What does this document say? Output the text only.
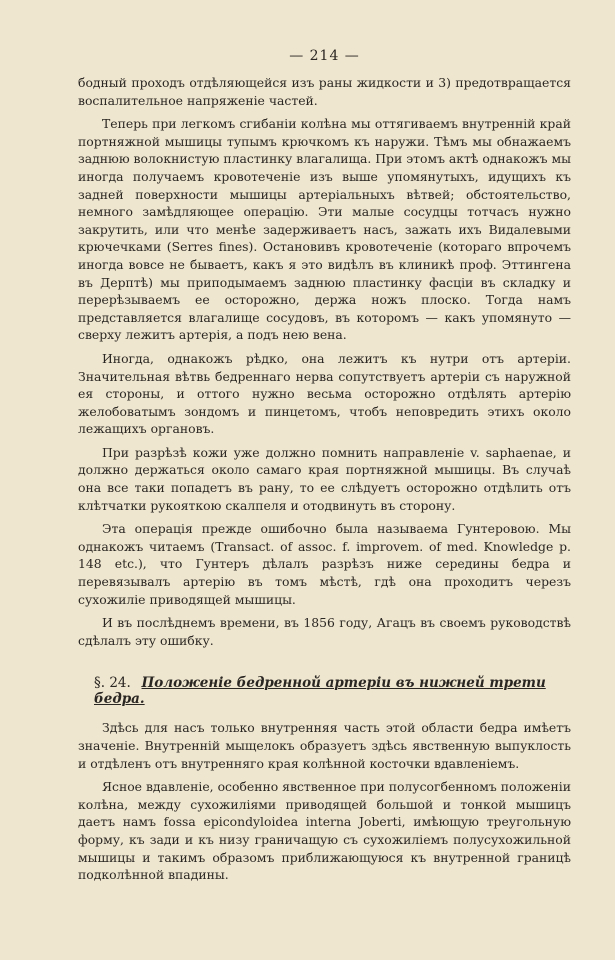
— 214 —

бодный проходъ отдѣляющейся изъ раны жидкости и 3) предотвращается воспалительное напряженіе частей.

Теперь при легкомъ сгибаніи колѣна мы оттягиваемъ внутренній край портняжной мышицы тупымъ крючкомъ къ наружи. Тѣмъ мы обнажаемъ заднюю волокнистую пластинку влагалища. При этомъ актѣ однакожъ мы иногда получаемъ кровотеченіе изъ выше упомянутыхъ, идущихъ къ задней поверхности мышицы артеріальныхъ вѣтвей; обстоятельство, немного замѣдляющее операцію. Эти малые сосудцы тотчасъ нужно закрутить, или что менѣе задерживаетъ насъ, зажать ихъ Видалевыми крючечками (Serres fines). Остановивъ кровотеченіе (котораго впрочемъ иногда вовсе не бываетъ, какъ я это видѣлъ въ клиникѣ проф. Эттингена въ Дерптѣ) мы приподымаемъ заднюю пластинку фасціи въ складку и перерѣзываемъ ее осторожно, держа ножъ плоско. Тогда намъ представляется влагалище сосудовъ, въ которомъ — какъ упомянуто — сверху лежитъ артерія, а подъ нею вена.

Иногда, однакожъ рѣдко, она лежитъ къ нутри отъ артеріи. Значительная вѣтвь бедреннаго нерва сопутствуетъ артеріи съ наружной ея стороны, и оттого нужно весьма осторожно отдѣлять артерію желобоватымъ зондомъ и пинцетомъ, чтобъ неповредить этихъ около лежащихъ органовъ.

При разрѣзѣ кожи уже должно помнить направленіе v. saphaenae, и должно держаться около самаго края портняжной мышицы. Въ случаѣ она все таки попадетъ въ рану, то ее слѣдуетъ осторожно отдѣлить отъ клѣтчатки рукояткою скалпеля и отодвинуть въ сторону.

Эта операція прежде ошибочно была называема Гунтеровою. Мы однакожъ читаемъ (Transact. of assoc. f. improvem. of med. Knowledge p. 148 etc.), что Гунтеръ дѣлалъ разрѣзъ ниже середины бедра и перевязывалъ артерію въ томъ мѣстѣ, гдѣ она проходитъ черезъ сухожиліе приводящей мышицы.

И въ послѣднемъ времени, въ 1856 году, Агацъ въ своемъ руководствѣ сдѣлалъ эту ошибку.

§. 24. Положеніе бедренной артеріи въ нижней трети бедра.

Здѣсь для насъ только внутренняя часть этой области бедра имѣетъ значеніе. Внутренній мыщелокъ образуетъ здѣсь явственную выпуклость и отдѣленъ отъ внутренняго края колѣнной косточки вдавленіемъ.

Ясное вдавленіе, особенно явственное при полусогбенномъ положеніи колѣна, между сухожиліями приводящей большой и тонкой мышицъ даетъ намъ fossa epicondyloidea interna Joberti, имѣющую треугольную форму, къ зади и къ низу граничащую съ сухожиліемъ полусухожильной мышицы и такимъ образомъ приближающуюся къ внутренной границѣ подколѣнной впадины.
